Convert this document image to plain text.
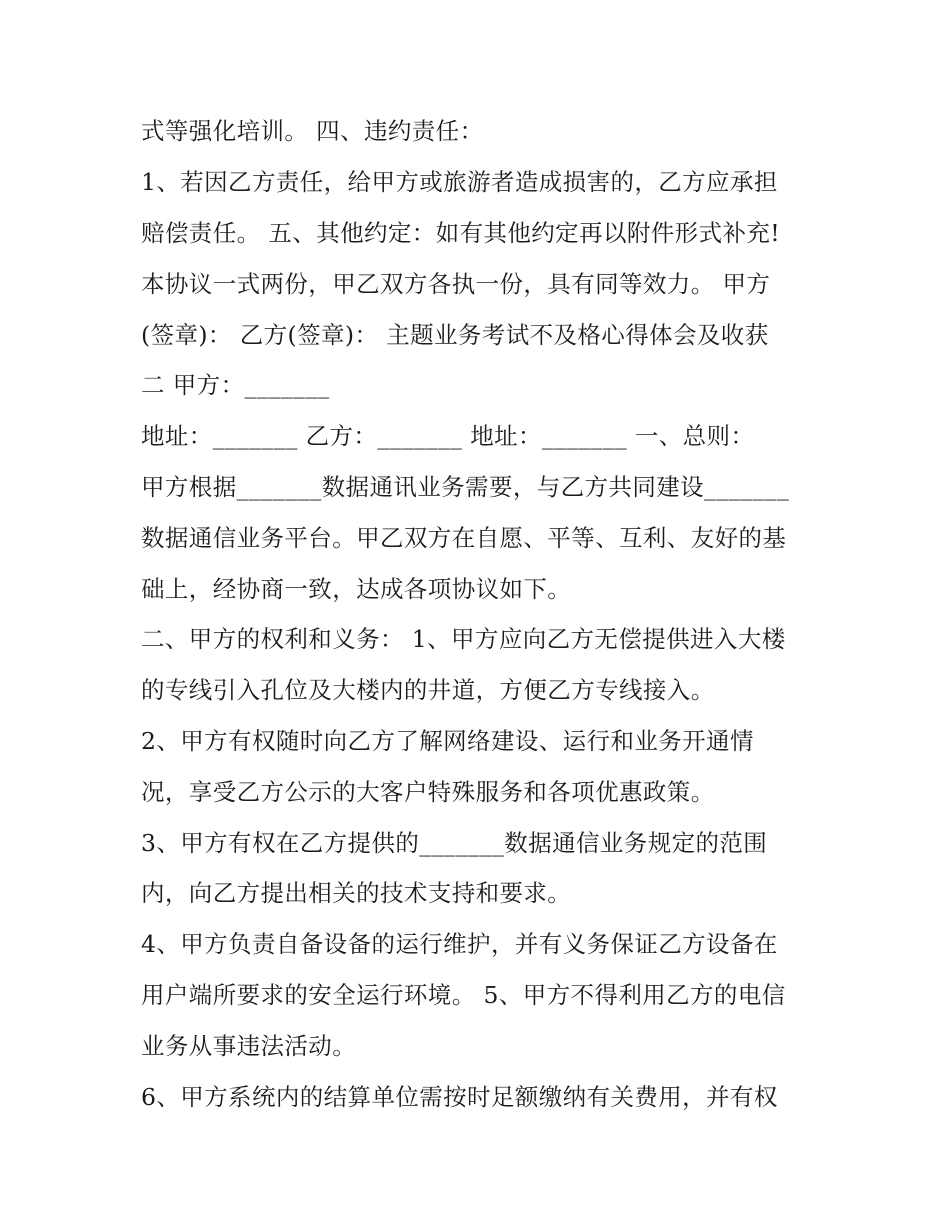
式等强化培训。 四、违约责任：

1、若因乙方责任，给甲方或旅游者造成损害的，乙方应承担

赔偿责任。 五、其他约定：如有其他约定再以附件形式补充!

本协议一式两份，甲乙双方各执一份，具有同等效力。 甲方

(签章)： 乙方(签章)： 主题业务考试不及格心得体会及收获

二 甲方：_______

地址：_______ 乙方：_______ 地址：_______ 一、总则：

甲方根据_______数据通讯业务需要，与乙方共同建设_______

数据通信业务平台。甲乙双方在自愿、平等、互利、友好的基

础上，经协商一致，达成各项协议如下。

二、甲方的权利和义务： 1、甲方应向乙方无偿提供进入大楼

的专线引入孔位及大楼内的井道，方便乙方专线接入。

2、甲方有权随时向乙方了解网络建设、运行和业务开通情

况，享受乙方公示的大客户特殊服务和各项优惠政策。

3、甲方有权在乙方提供的_______数据通信业务规定的范围

内，向乙方提出相关的技术支持和要求。

4、甲方负责自备设备的运行维护，并有义务保证乙方设备在

用户端所要求的安全运行环境。 5、甲方不得利用乙方的电信

业务从事违法活动。

6、甲方系统内的结算单位需按时足额缴纳有关费用，并有权
